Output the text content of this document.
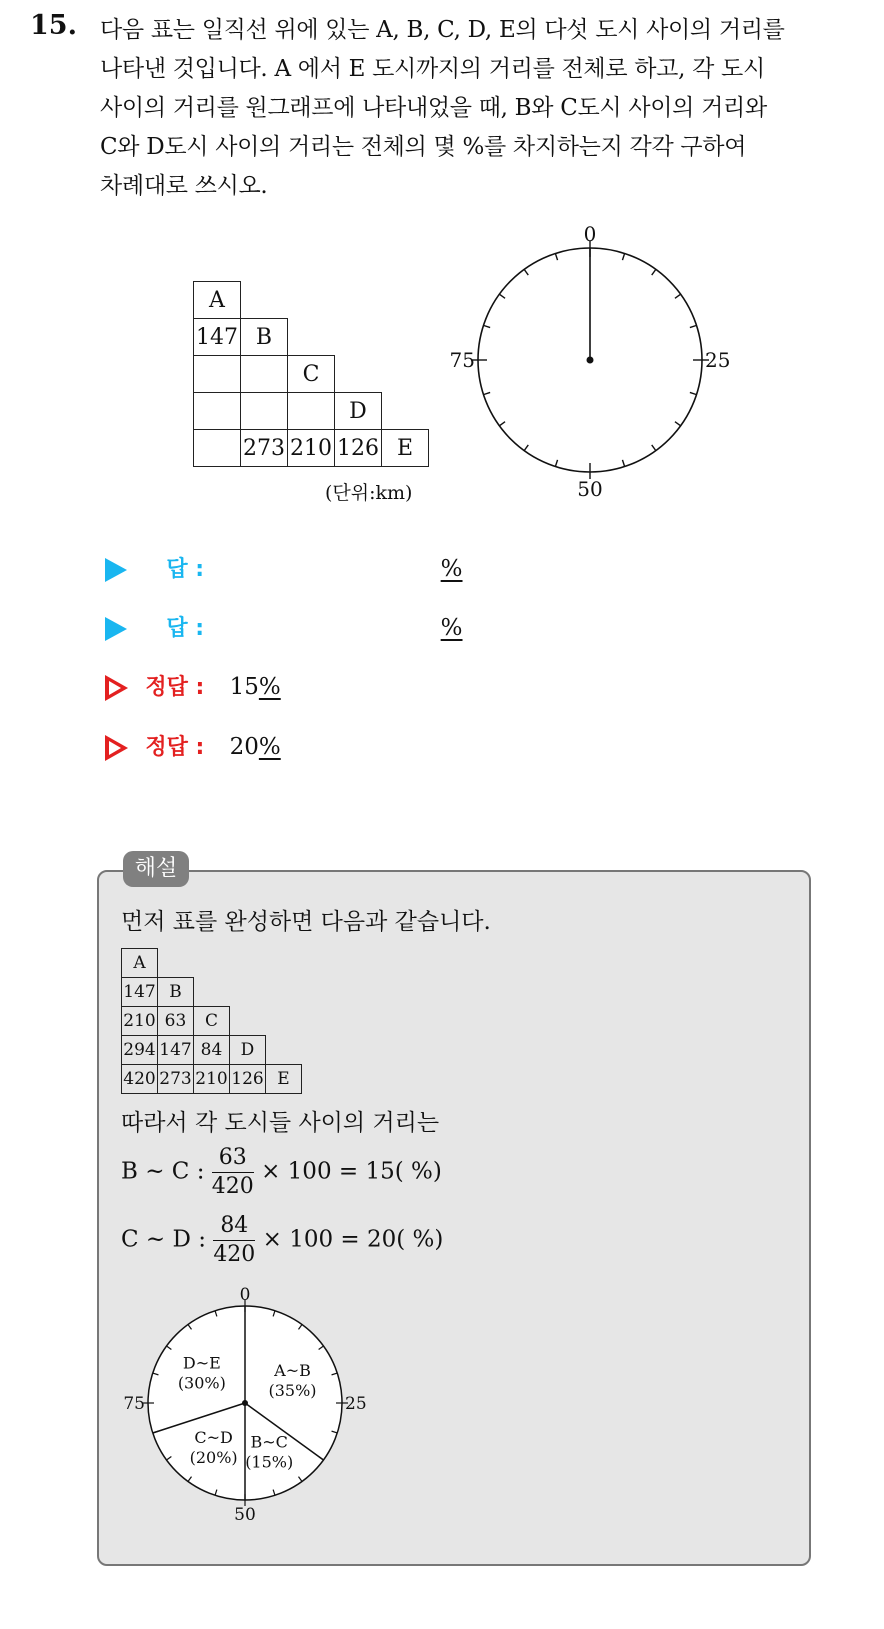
15. 다음 표는 일직선 위에 있는 A, B, C, D, E의 다섯 도시 사이의 거리를
나타낸 것입니다. A 에서 E 도시까지의 거리를 전체로 하고, 각 도시
사이의 거리를 원그래프에 나타내었을 때, B와 C도시 사이의 거리와
C와 D도시 사이의 거리는 전체의 몇 %를 차지하는지 각각 구하여
차례대로 쓰시오.
A				
147	B			
		C		
			D	
	273	210	126	E
(단위:km)
0
25
50
75
답 :	%
답 :	%
정답 : 15%
정답 : 20%
해설
먼저 표를 완성하면 다음과 같습니다.
A				
147	B			
210	63	C		
294	147	84	D	
420	273	210	126	E
따라서 각 도시들 사이의 거리는
B ~ C : $\frac{63}{420} \times 100 = 15$( %)
C ~ D : $\frac{84}{420} \times 100 = 20$( %)
0
25
50
75
A~B
(35%)
B~C
(15%)
C~D
(20%)
D~E
(30%)
